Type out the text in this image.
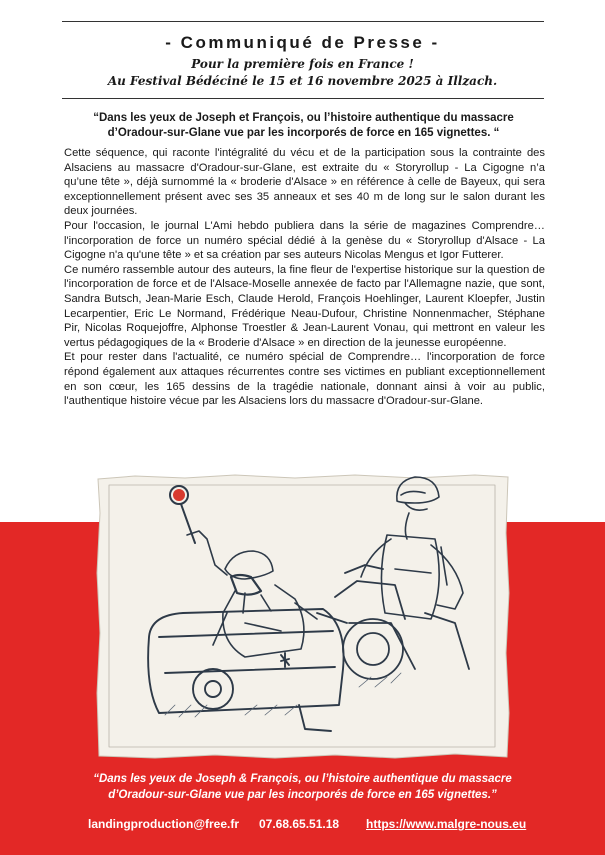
- Communiqué de Presse -
Pour la première fois en France !
Au Festival Bédéciné le 15 et 16 novembre 2025 à Illzach.
“Dans les yeux de Joseph et François, ou l’histoire authentique du massacre d’Oradour-sur-Glane vue par les incorporés de force en 165 vignettes. “

Cette séquence, qui raconte l'intégralité du vécu et de la participation sous la contrainte des Alsaciens au massacre d'Oradour-sur-Glane, est extraite du « Storyrollup - La Cigogne n’a qu’une tête », déjà surnommé la « broderie d'Alsace » en référence à celle de Bayeux, qui sera exceptionnellement présent avec ses 35 anneaux et ses 40 m de long sur le salon durant les deux journées.

Pour l'occasion, le journal L'Ami hebdo publiera dans la série de magazines Comprendre… l'incorporation de force un numéro spécial dédié à la genèse du « Storyrollup d'Alsace - La Cigogne n'a qu'une tête » et sa création par ses auteurs Nicolas Mengus et Igor Futterer.

Ce numéro rassemble autour des auteurs, la fine fleur de l'expertise historique sur la question de l'incorporation de force et de l'Alsace-Moselle annexée de facto par l'Allemagne nazie, que sont, Sandra Butsch, Jean-Marie Esch, Claude Herold, François Hoehlinger, Laurent Kloepfer, Justin Lecarpentier, Eric Le Normand, Frédérique Neau-Dufour, Christine Nonnenmacher, Stéphane Pir, Nicolas Roquejoffre, Alphonse Troestler & Jean-Laurent Vonau, qui mettront en valeur les vertus pédagogiques de la « Broderie d'Alsace » en direction de la jeunesse européenne.

Et pour rester dans l'actualité, ce numéro spécial de Comprendre… l'incorporation de force répond également aux attaques récurrentes contre ses victimes en publiant exceptionnellement en son cœur, les 165 dessins de la tragédie nationale, donnant ainsi à voir au public, l'authentique histoire vécue par les Alsaciens lors du massacre d'Oradour-sur-Glane.

“Dans les yeux de Joseph & François, ou l’histoire authentique du massacre
d’Oradour-sur-Glane vue par les incorporés de force en 165 vignettes.”
landingproduction@free.fr 07.68.65.51.18 https://www.malgre-nous.eu
